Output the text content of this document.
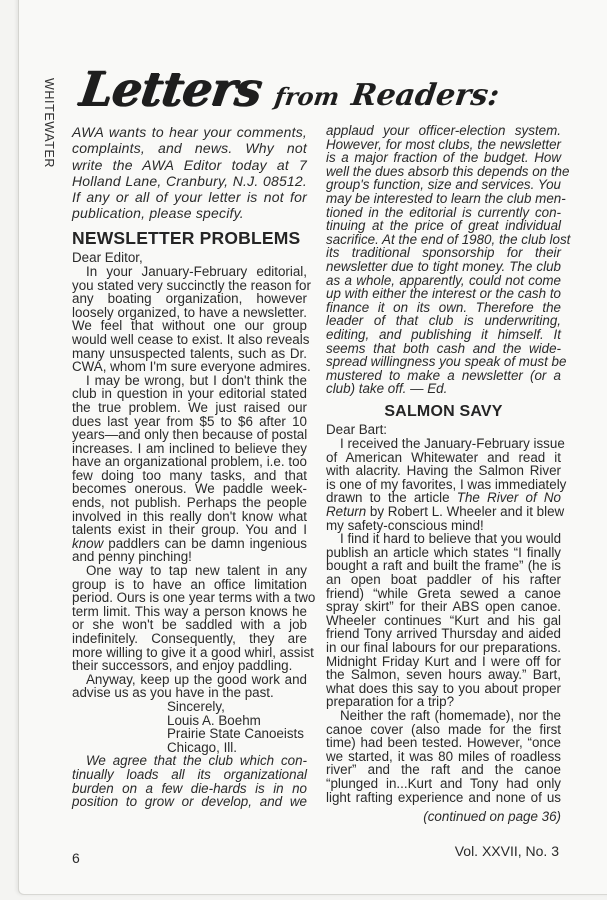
WHITEWATER Letters from Readers:
AWA wants to hear your comments,
complaints, and news. Why not
write the AWA Editor today at 7
Holland Lane, Cranbury, N.J. 08512.
If any or all of your letter is not for
publication, please specify.
NEWSLETTER PROBLEMS
Dear Editor,
In your January-February editorial,
you stated very succinctly the reason for
any boating organization, however
loosely organized, to have a newsletter.
We feel that without one our group
would well cease to exist. It also reveals
many unsuspected talents, such as Dr.
CWA, whom I'm sure everyone admires.
I may be wrong, but I don't think the
club in question in your editorial stated
the true problem. We just raised our
dues last year from $5 to $6 after 10
years—and only then because of postal
increases. I am inclined to believe they
have an organizational problem, i.e. too
few doing too many tasks, and that
becomes onerous. We paddle week-
ends, not publish. Perhaps the people
involved in this really don't know what
talents exist in their group. You and I
know paddlers can be damn ingenious
and penny pinching!
One way to tap new talent in any
group is to have an office limitation
period. Ours is one year terms with a two
term limit. This way a person knows he
or she won't be saddled with a job
indefinitely. Consequently, they are
more willing to give it a good whirl, assist
their successors, and enjoy paddling.
Anyway, keep up the good work and
advise us as you have in the past.
Sincerely,
Louis A. Boehm
Prairie State Canoeists
Chicago, Ill.
We agree that the club which con-
tinually loads all its organizational
burden on a few die-hards is in no
position to grow or develop, and we
applaud your officer-election system.
However, for most clubs, the newsletter
is a major fraction of the budget. How
well the dues absorb this depends on the
group's function, size and services. You
may be interested to learn the club men-
tioned in the editorial is currently con-
tinuing at the price of great individual
sacrifice. At the end of 1980, the club lost
its traditional sponsorship for their
newsletter due to tight money. The club
as a whole, apparently, could not come
up with either the interest or the cash to
finance it on its own. Therefore the
leader of that club is underwriting,
editing, and publishing it himself. It
seems that both cash and the wide-
spread willingness you speak of must be
mustered to make a newsletter (or a
club) take off. — Ed.
SALMON SAVY
Dear Bart:
I received the January-February issue
of American Whitewater and read it
with alacrity. Having the Salmon River
is one of my favorites, I was immediately
drawn to the article The River of No
Return by Robert L. Wheeler and it blew
my safety-conscious mind!
I find it hard to believe that you would
publish an article which states “I finally
bought a raft and built the frame” (he is
an open boat paddler of his rafter
friend) “while Greta sewed a canoe
spray skirt” for their ABS open canoe.
Wheeler continues “Kurt and his gal
friend Tony arrived Thursday and aided
in our final labours for our preparations.
Midnight Friday Kurt and I were off for
the Salmon, seven hours away.” Bart,
what does this say to you about proper
preparation for a trip?
Neither the raft (homemade), nor the
canoe cover (also made for the first
time) had been tested. However, “once
we started, it was 80 miles of roadless
river” and the raft and the canoe
“plunged in...Kurt and Tony had only
light rafting experience and none of us
(continued on page 36)
6	Vol. XXVII, No. 3
